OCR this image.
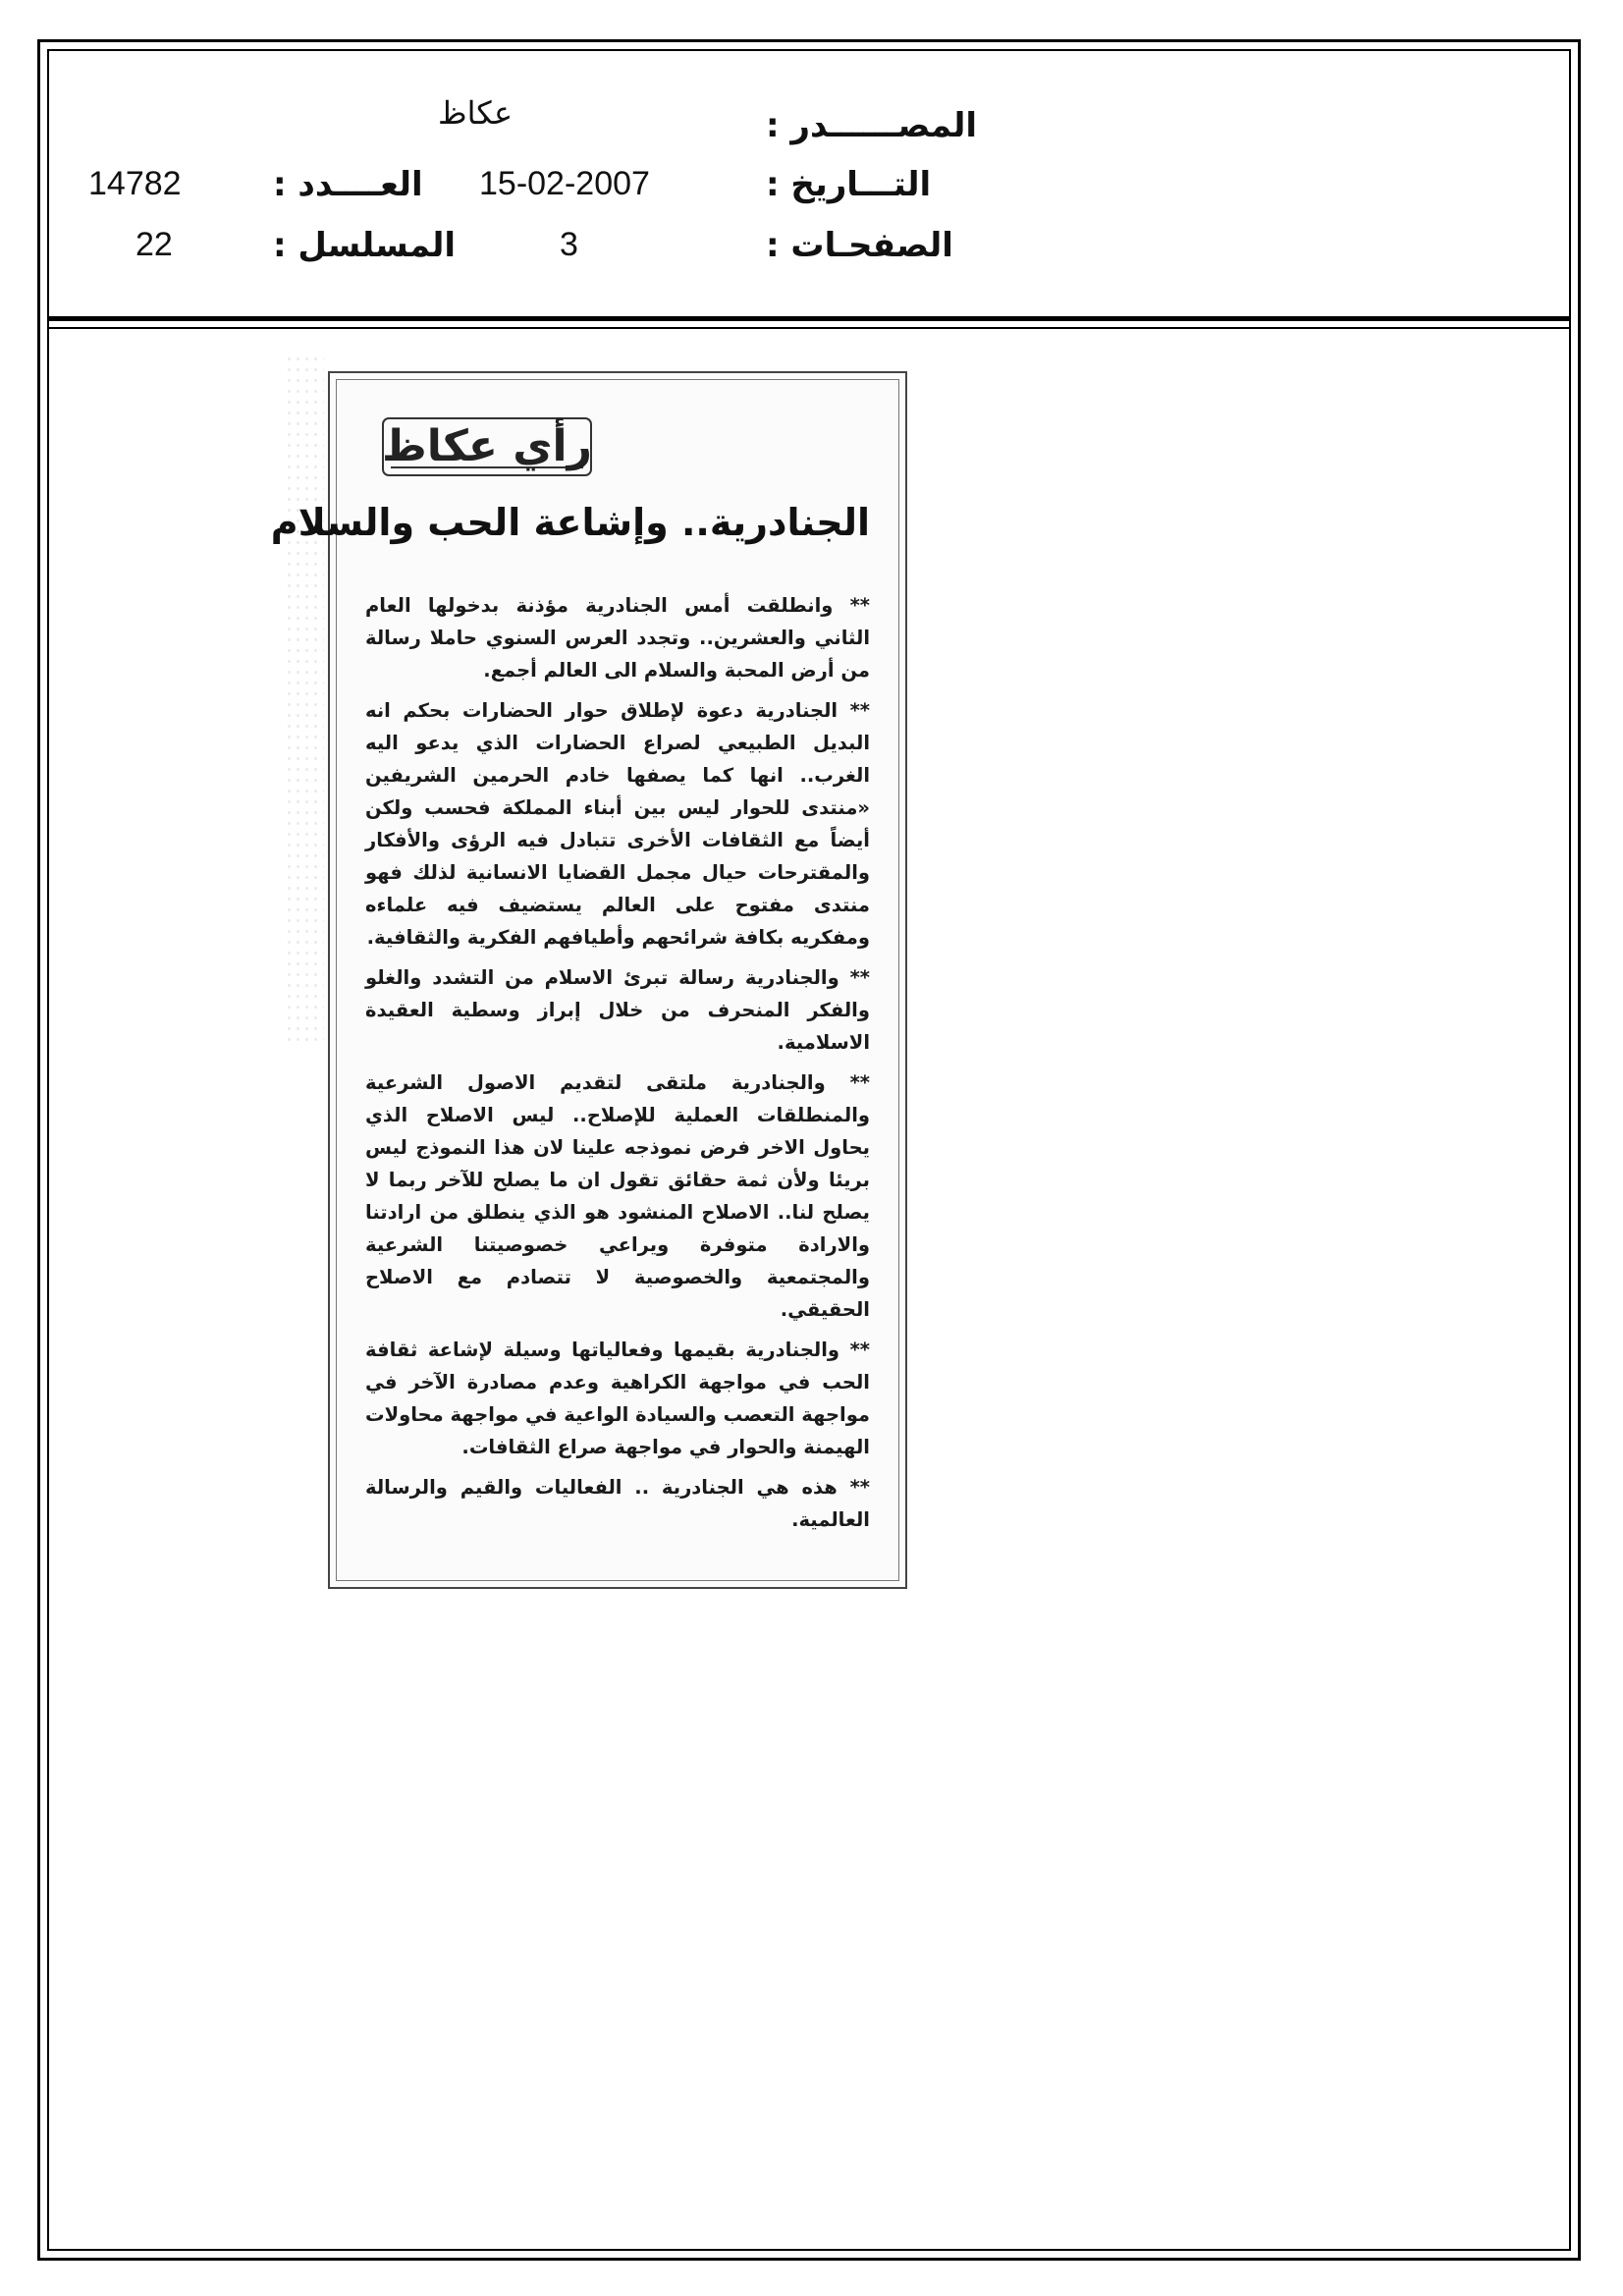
المصــــــدر :
عكاظ
التـــاريخ :
15-02-2007
العــــدد :
14782
الصفحـات :
3
المسلسل :
22
رأي عكاظ
الجنادرية.. وإشاعة الحب والسلام

** وانطلقت أمس الجنادرية مؤذنة بدخولها العام الثاني والعشرين.. وتجدد العرس السنوي حاملا رسالة من أرض المحبة والسلام الى العالم أجمع.

** الجنادرية دعوة لإطلاق حوار الحضارات بحكم انه البديل الطبيعي لصراع الحضارات الذي يدعو اليه الغرب.. انها كما يصفها خادم الحرمين الشريفين «منتدى للحوار ليس بين أبناء المملكة فحسب ولكن أيضاً مع الثقافات الأخرى تتبادل فيه الرؤى والأفكار والمقترحات حيال مجمل القضايا الانسانية لذلك فهو منتدى مفتوح على العالم يستضيف فيه علماءه ومفكريه بكافة شرائحهم وأطيافهم الفكرية والثقافية.

** والجنادرية رسالة تبرئ الاسلام من التشدد والغلو والفكر المنحرف من خلال إبراز وسطية العقيدة الاسلامية.

** والجنادرية ملتقى لتقديم الاصول الشرعية والمنطلقات العملية للإصلاح.. ليس الاصلاح الذي يحاول الاخر فرض نموذجه علينا لان هذا النموذج ليس بريئا ولأن ثمة حقائق تقول ان ما يصلح للآخر ربما لا يصلح لنا.. الاصلاح المنشود هو الذي ينطلق من ارادتنا والارادة متوفرة ويراعي خصوصيتنا الشرعية والمجتمعية والخصوصية لا تتصادم مع الاصلاح الحقيقي.

** والجنادرية بقيمها وفعالياتها وسيلة لإشاعة ثقافة الحب في مواجهة الكراهية وعدم مصادرة الآخر في مواجهة التعصب والسيادة الواعية في مواجهة محاولات الهيمنة والحوار في مواجهة صراع الثقافات.

** هذه هي الجنادرية .. الفعاليات والقيم والرسالة العالمية.
